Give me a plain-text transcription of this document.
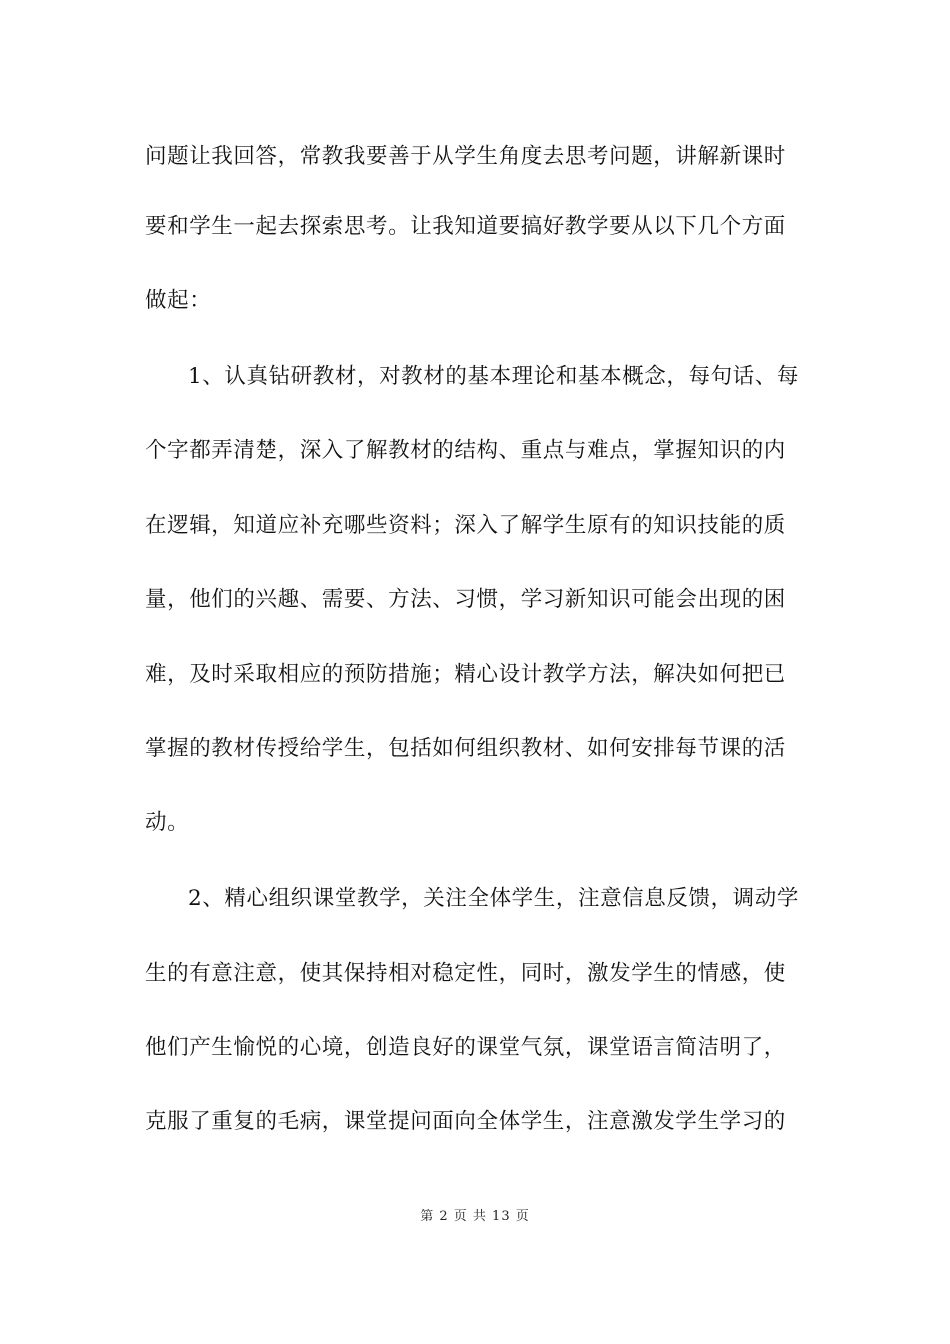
问题让我回答，常教我要善于从学生角度去思考问题，讲解新课时
要和学生一起去探索思考。让我知道要搞好教学要从以下几个方面
做起：
1、认真钻研教材，对教材的基本理论和基本概念，每句话、每
个字都弄清楚，深入了解教材的结构、重点与难点，掌握知识的内
在逻辑，知道应补充哪些资料；深入了解学生原有的知识技能的质
量，他们的兴趣、需要、方法、习惯，学习新知识可能会出现的困
难，及时采取相应的预防措施；精心设计教学方法，解决如何把已
掌握的教材传授给学生，包括如何组织教材、如何安排每节课的活
动。
2、精心组织课堂教学，关注全体学生，注意信息反馈，调动学
生的有意注意，使其保持相对稳定性，同时，激发学生的情感，使
他们产生愉悦的心境，创造良好的课堂气氛，课堂语言简洁明了，
克服了重复的毛病，课堂提问面向全体学生，注意激发学生学习的
第 2 页 共 13 页
